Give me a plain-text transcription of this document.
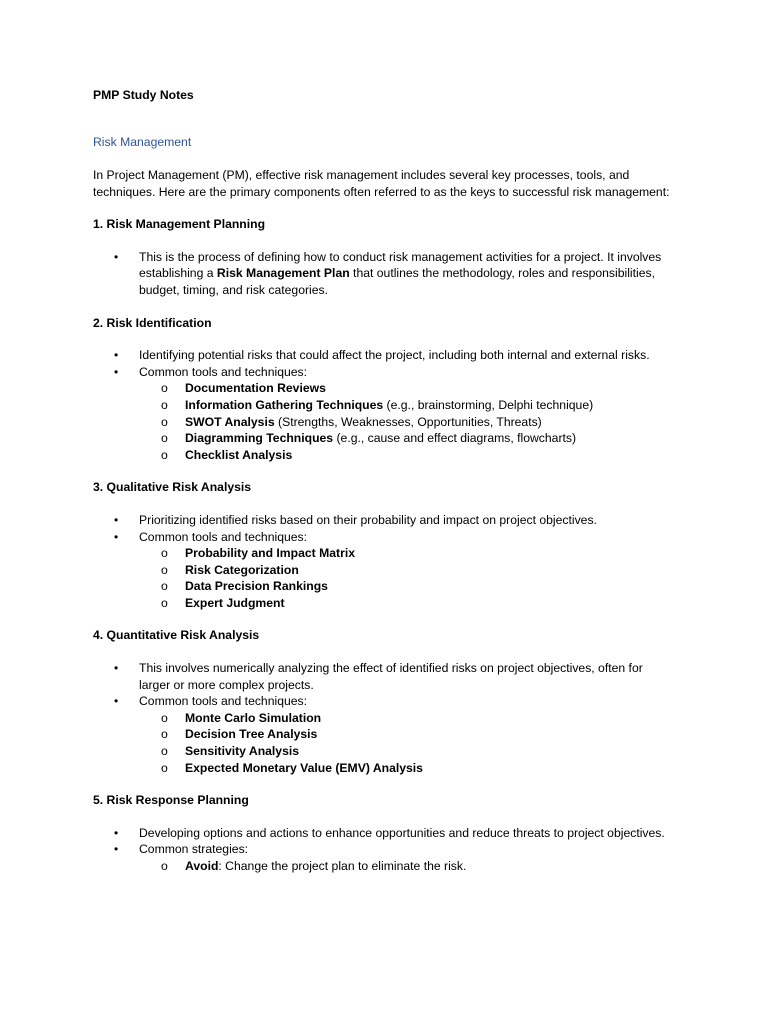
PMP Study Notes

Risk Management

In Project Management (PM), effective risk management includes several key processes, tools, and techniques. Here are the primary components often referred to as the keys to successful risk management:

1. Risk Management Planning

• This is the process of defining how to conduct risk management activities for a project. It involves establishing a Risk Management Plan that outlines the methodology, roles and responsibilities, budget, timing, and risk categories.

2. Risk Identification

• Identifying potential risks that could affect the project, including both internal and external risks.
• Common tools and techniques:
o Documentation Reviews
o Information Gathering Techniques (e.g., brainstorming, Delphi technique)
o SWOT Analysis (Strengths, Weaknesses, Opportunities, Threats)
o Diagramming Techniques (e.g., cause and effect diagrams, flowcharts)
o Checklist Analysis

3. Qualitative Risk Analysis

• Prioritizing identified risks based on their probability and impact on project objectives.
• Common tools and techniques:
o Probability and Impact Matrix
o Risk Categorization
o Data Precision Rankings
o Expert Judgment

4. Quantitative Risk Analysis

• This involves numerically analyzing the effect of identified risks on project objectives, often for larger or more complex projects.
• Common tools and techniques:
o Monte Carlo Simulation
o Decision Tree Analysis
o Sensitivity Analysis
o Expected Monetary Value (EMV) Analysis

5. Risk Response Planning

• Developing options and actions to enhance opportunities and reduce threats to project objectives.
• Common strategies:
o Avoid: Change the project plan to eliminate the risk.
